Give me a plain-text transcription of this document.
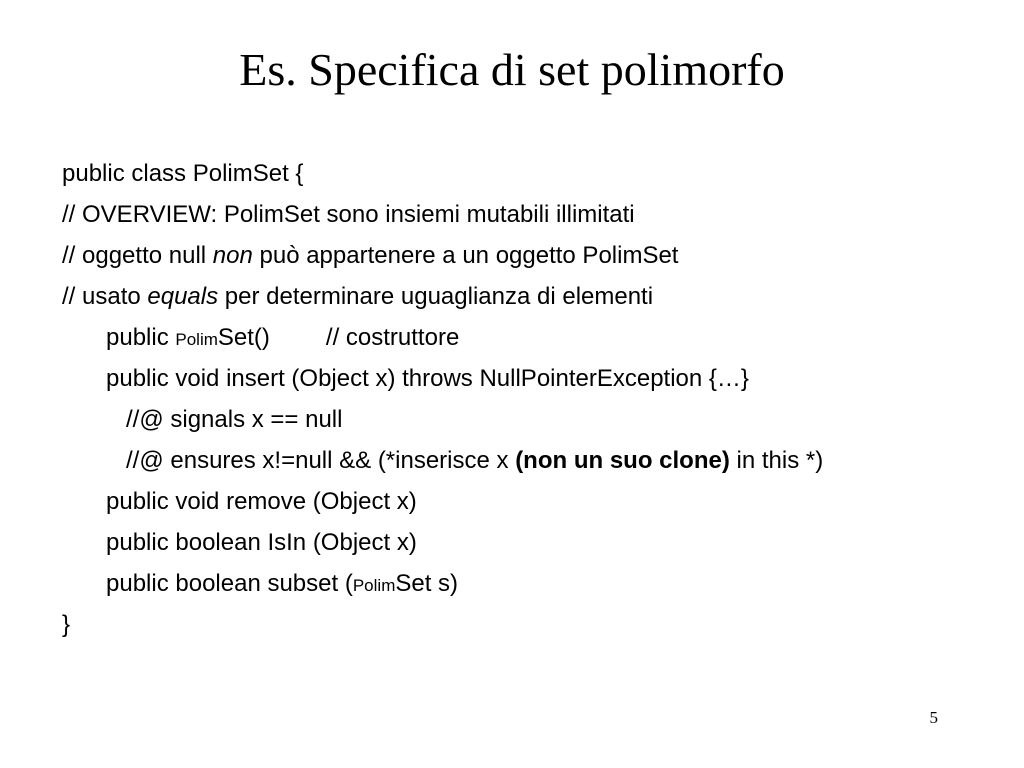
Es. Specifica di set polimorfo
public class PolimSet {
// OVERVIEW: PolimSet sono insiemi mutabili illimitati
// oggetto null non può appartenere a un oggetto PolimSet
// usato equals per determinare uguaglianza di elementi
public PolimSet() // costruttore
public void insert (Object x) throws NullPointerException {…}
//@ signals x == null
//@ ensures x!=null && (*inserisce x (non un suo clone) in this *)
public void remove (Object x)
public boolean IsIn (Object x)
public boolean subset (PolimSet s)
}
5
